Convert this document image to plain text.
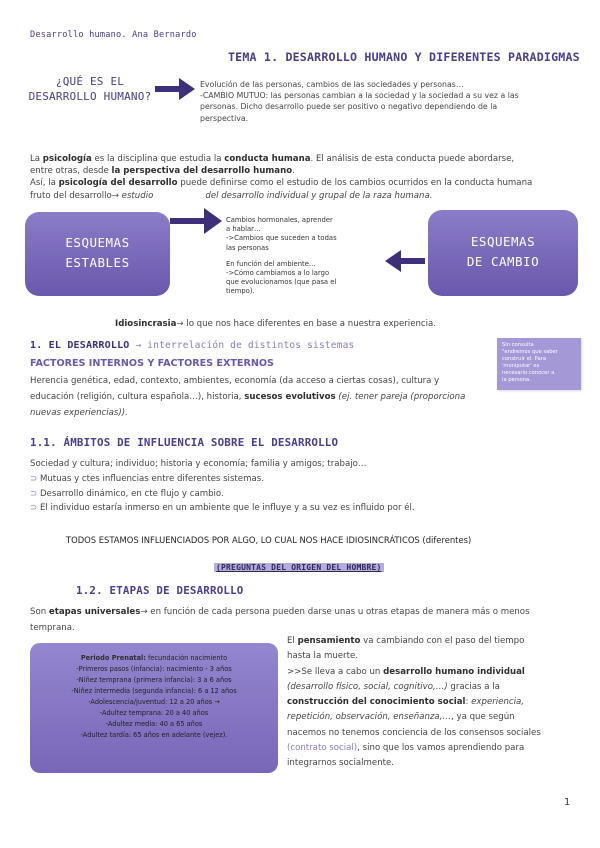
Desarrollo humano. Ana Bernardo
TEMA 1. DESARROLLO HUMANO Y DIFERENTES PARADIGMAS
¿QUÉ ES EL
DESARROLLO HUMANO?
Evolución de las personas, cambios de las sociedades y personas…
-CAMBIO MUTUO: las personas cambian a la sociedad y la sociedad a su vez a las
personas. Dicho desarrollo puede ser positivo o negativo dependiendo de la
perspectiva.
La psicología es la disciplina que estudia la conducta humana. El análisis de esta conducta puede abordarse,
entre otras, desde la perspectiva del desarrollo humano.
Así, la psicología del desarrollo puede definirse como el estudio de los cambios ocurridos en la conducta humana
fruto del desarrollo→ estudio	del desarrollo individual y grupal de la raza humana.
ESQUEMAS
ESTABLES
Cambios hormonales, aprender
a hablar…
->Cambios que suceden a todas
las personas
En función del ambiente…
->Cómo cambiamos a lo largo
que evolucionamos (que pasa el
tiempo).
ESQUEMAS
DE CAMBIO
Idiosincrasia→ lo que nos hace diferentes en base a nuestra experiencia.
1. EL DESARROLLO → interrelación de distintos sistemas
FACTORES INTERNOS Y FACTORES EXTERNOS
Herencia genética, edad, contexto, ambientes, economía (da acceso a ciertas cosas), cultura y
educación (religión, cultura española…), historia, sucesos evolutivos (ej. tener pareja (proporciona
nuevas experiencias)).
Sin consulta
"endremos que saber
construir el. Para
'moniputar' es
necesario conocer a
la persona.
1.1. ÁMBITOS DE INFLUENCIA SOBRE EL DESARROLLO
Sociedad y cultura; individuo; historia y economía; familia y amigos; trabajo…
⊃ Mutuas y ctes influencias entre diferentes sistemas.
⊃ Desarrollo dinámico, en cte flujo y cambio.
⊃ El individuo estaría inmerso en un ambiente que le influye y a su vez es influido por él.
TODOS ESTAMOS INFLUENCIADOS POR ALGO, LO CUAL NOS HACE IDIOSINCRÁTICOS (diferentes)
(PREGUNTAS DEL ORIGEN DEL HOMBRE)
1.2. ETAPAS DE DESARROLLO
Son etapas universales→ en función de cada persona pueden darse unas u otras etapas de manera más o menos
temprana.
Periodo Prenatal: fecundación nacimiento
-Primeros pasos (infancia): nacimiento - 3 años
-Niñez temprana (primera infancia): 3 a 6 años
-Niñez intermedia (segunda infancia): 6 a 12 años
-Adolescencia/juventud: 12 a 20 años →
-Adultez temprana: 20 a 40 años
-Adultez media: 40 a 65 años
-Adultez tardía: 65 años en adelante (vejez).
El pensamiento va cambiando con el paso del tiempo
hasta la muerte.
>>Se lleva a cabo un desarrollo humano individual
(desarrollo físico, social, cognitivo,…) gracias a la
construcción del conocimiento social: experiencia,
repetición, observación, enseñanza,…, ya que según
nacemos no tenemos conciencia de los consensos sociales
(contrato social), sino que los vamos aprendiendo para
integrarnos socialmente.
1
